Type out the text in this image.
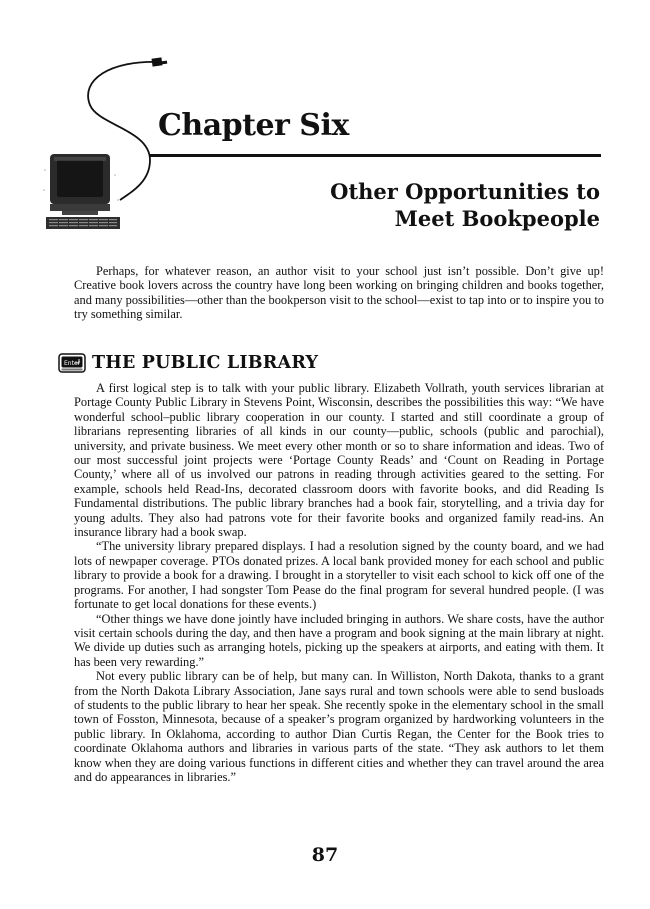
Chapter Six
Other Opportunities to
Meet Bookpeople

Perhaps, for whatever reason, an author visit to your school just isn’t possible. Don’t give up! Creative book lovers across the country have long been working on bringing children and books together, and many possibilities—other than the bookperson visit to the school—exist to tap into or to inspire you to try something similar.

Enter THE PUBLIC LIBRARY

A first logical step is to talk with your public library. Elizabeth Vollrath, youth services librarian at Portage County Public Library in Stevens Point, Wisconsin, describes the possibilities this way: “We have wonderful school–public library cooperation in our county. I started and still coordinate a group of librarians representing libraries of all kinds in our county—public, schools (public and parochial), university, and private business. We meet every other month or so to share information and ideas. Two of our most successful joint projects were ‘Portage County Reads’ and ‘Count on Reading in Portage County,’ where all of us involved our patrons in reading through activities geared to the setting. For example, schools held Read-Ins, decorated classroom doors with favorite books, and did Reading Is Fundamental distributions. The public library branches had a book fair, storytelling, and a trivia day for young adults. They also had patrons vote for their favorite books and organized family read-ins. An insurance library had a book swap.

“The university library prepared displays. I had a resolution signed by the county board, and we had lots of newpaper coverage. PTOs donated prizes. A local bank provided money for each school and public library to provide a book for a drawing. I brought in a storyteller to visit each school to kick off one of the programs. For another, I had songster Tom Pease do the final program for several hundred people. (I was fortunate to get local donations for these events.)

“Other things we have done jointly have included bringing in authors. We share costs, have the author visit certain schools during the day, and then have a program and book signing at the main library at night. We divide up duties such as arranging hotels, picking up the speakers at airports, and eating with them. It has been very rewarding.”

Not every public library can be of help, but many can. In Williston, North Dakota, thanks to a grant from the North Dakota Library Association, Jane says rural and town schools were able to send busloads of students to the public library to hear her speak. She recently spoke in the elementary school in the small town of Fosston, Minnesota, because of a speaker’s program organized by hardworking volunteers in the public library. In Oklahoma, according to author Dian Curtis Regan, the Center for the Book tries to coordinate Oklahoma authors and libraries in various parts of the state. “They ask authors to let them know when they are doing various functions in different cities and whether they can travel around the area and do appearances in libraries.”

87
